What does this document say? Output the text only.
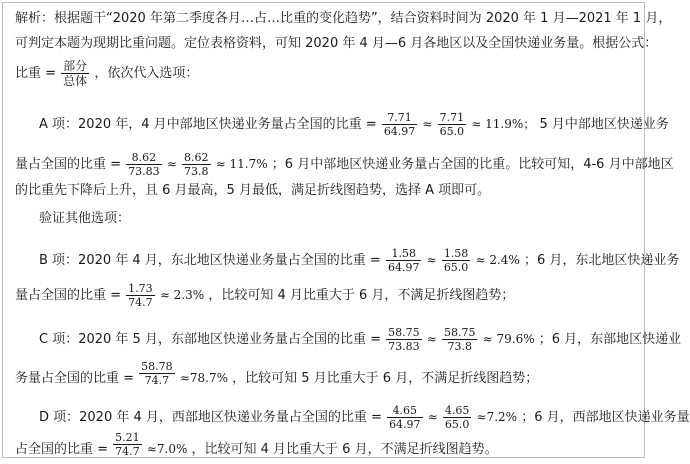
解析：根据题干“2020 年第二季度各月…占…比重的变化趋势”，结合资料时间为 2020 年 1 月—2021 年 1 月，
可判定本题为现期比重问题。定位表格资料，可知 2020 年 4 月—6 月各地区以及全国快递业务量。根据公式：
比重 = $\frac{\text{部分}}{\text{总体}}$ ，依次代入选项：
A 项：2020 年，4 月中部地区快递业务量占全国的比重 = $\frac{7.71}{64.97} \approx \frac{7.71}{65.0} \approx 11.9\%$； 5 月中部地区快递业务
量占全国的比重 = $\frac{8.62}{73.83} \approx \frac{8.62}{73.8} \approx 11.7\%$ ；6 月中部地区快递业务量占全国的比重。比较可知，4-6 月中部地区
的比重先下降后上升，且 6 月最高，5 月最低，满足折线图趋势，选择 A 项即可。
验证其他选项：
B 项：2020 年 4 月，东北地区快递业务量占全国的比重 = $\frac{1.58}{64.97} \approx \frac{1.58}{65.0} \approx 2.4\%$ ；6 月，东北地区快递业务
量占全国的比重 = $\frac{1.73}{74.7} \approx 2.3\%$ ，比较可知 4 月比重大于 6 月，不满足折线图趋势；
C 项：2020 年 5 月，东部地区快递业务量占全国的比重 = $\frac{58.75}{73.83} \approx \frac{58.75}{73.8} \approx 79.6\%$ ；6 月，东部地区快递业
务量占全国的比重 = $\frac{58.78}{74.7} \approx 78.7\%$ ，比较可知 5 月比重大于 6 月，不满足折线图趋势；
D 项：2020 年 4 月，西部地区快递业务量占全国的比重 = $\frac{4.65}{64.97} \approx \frac{4.65}{65.0} \approx 7.2\%$ ；6 月，西部地区快递业务量
占全国的比重 = $\frac{5.21}{74.7} \approx 7.0\%$ ，比较可知 4 月比重大于 6 月，不满足折线图趋势。
